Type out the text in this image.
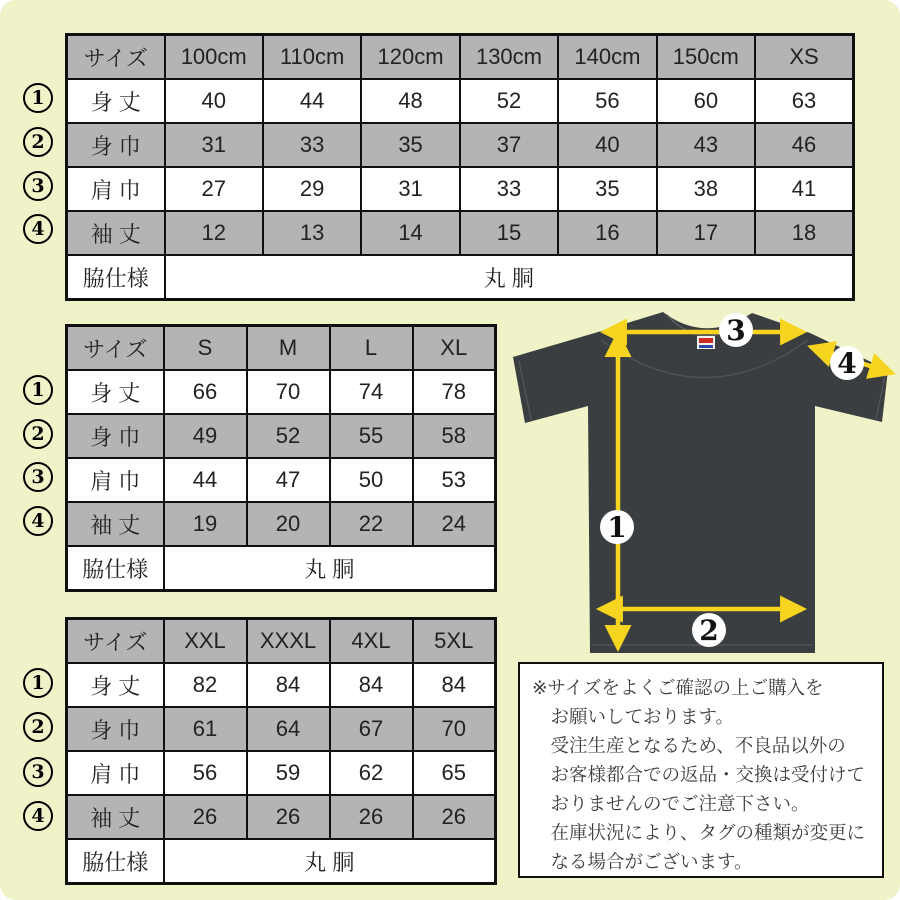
サイズ	100cm	110cm	120cm	130cm	140cm	150cm	XS
身 丈	40	44	48	52	56	60	63
身 巾	31	33	35	37	40	43	46
肩 巾	27	29	31	33	35	38	41
袖 丈	12	13	14	15	16	17	18
脇仕様	丸 胴						
1
2
3
4
サイズ	S	M	L	XL
身 丈	66	70	74	78
身 巾	49	52	55	58
肩 巾	44	47	50	53
袖 丈	19	20	22	24
脇仕様	丸 胴			
1
2
3
4
サイズ	XXL	XXXL	4XL	5XL
身 丈	82	84	84	84
身 巾	61	64	67	70
肩 巾	56	59	62	65
袖 丈	26	26	26	26
脇仕様	丸 胴			
1
2
3
4
1
2
3
4
※サイズをよくご確認の上ご購入を
　お願いしております。
　受注生産となるため、不良品以外の
　お客様都合での返品・交換は受付けて
　おりませんのでご注意下さい。
　在庫状況により、タグの種類が変更に
　なる場合がございます。
